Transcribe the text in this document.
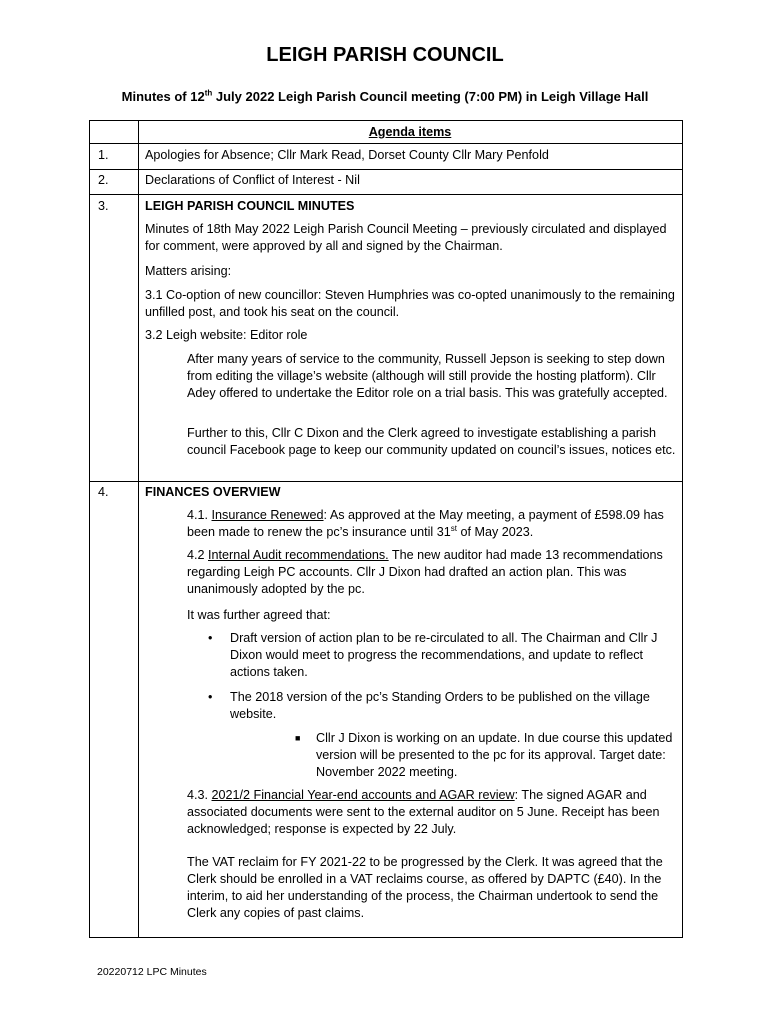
LEIGH PARISH COUNCIL
Minutes of 12th July 2022 Leigh Parish Council meeting (7:00 PM) in Leigh Village Hall
Agenda items
1.	Apologies for Absence; Cllr Mark Read, Dorset County Cllr Mary Penfold
2.	Declarations of Conflict of Interest - Nil
3.	LEIGH PARISH COUNCIL MINUTES
Minutes of 18th May 2022 Leigh Parish Council Meeting – previously circulated and displayed for comment, were approved by all and signed by the Chairman.
Matters arising:
3.1 Co-option of new councillor: Steven Humphries was co-opted unanimously to the remaining unfilled post, and took his seat on the council.
3.2 Leigh website: Editor role
After many years of service to the community, Russell Jepson is seeking to step down from editing the village’s website (although will still provide the hosting platform). Cllr Adey offered to undertake the Editor role on a trial basis. This was gratefully accepted.
Further to this, Cllr C Dixon and the Clerk agreed to investigate establishing a parish council Facebook page to keep our community updated on council’s issues, notices etc.
4.	FINANCES OVERVIEW
4.1. Insurance Renewed: As approved at the May meeting, a payment of £598.09 has been made to renew the pc’s insurance until 31st of May 2023.
4.2 Internal Audit recommendations. The new auditor had made 13 recommendations regarding Leigh PC accounts. Cllr J Dixon had drafted an action plan. This was unanimously adopted by the pc.
It was further agreed that:
• Draft version of action plan to be re-circulated to all. The Chairman and Cllr J Dixon would meet to progress the recommendations, and update to reflect actions taken.
• The 2018 version of the pc’s Standing Orders to be published on the village website.
■ Cllr J Dixon is working on an update. In due course this updated version will be presented to the pc for its approval. Target date: November 2022 meeting.
4.3. 2021/2 Financial Year-end accounts and AGAR review: The signed AGAR and associated documents were sent to the external auditor on 5 June. Receipt has been acknowledged; response is expected by 22 July.
The VAT reclaim for FY 2021-22 to be progressed by the Clerk. It was agreed that the Clerk should be enrolled in a VAT reclaims course, as offered by DAPTC (£40). In the interim, to aid her understanding of the process, the Chairman undertook to send the Clerk any copies of past claims.
20220712 LPC Minutes
